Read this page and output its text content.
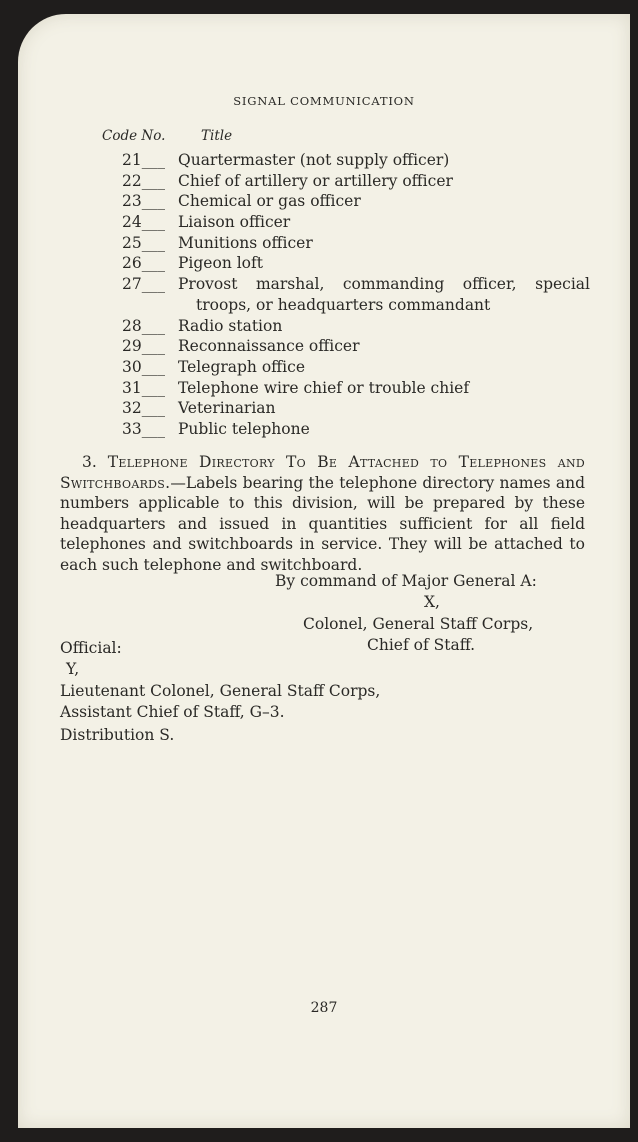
SIGNAL COMMUNICATION
Code No.	Title
21___ Quartermaster (not supply officer)
22___ Chief of artillery or artillery officer
23___ Chemical or gas officer
24___ Liaison officer
25___ Munitions officer
26___ Pigeon loft
27___ Provost marshal, commanding officer, special
troops, or headquarters commandant
28___ Radio station
29___ Reconnaissance officer
30___ Telegraph office
31___ Telephone wire chief or trouble chief
32___ Veterinarian
33___ Public telephone
3. Telephone Directory To Be Attached to Telephones and Switchboards.—Labels bearing the telephone directory names and numbers applicable to this division, will be prepared by these headquarters and issued in quantities sufficient for all field telephones and switchboards in service. They will be attached to each such telephone and switchboard.
By command of Major General A:
X,
Colonel, General Staff Corps,
Chief of Staff.
Official:
Y,
Lieutenant Colonel, General Staff Corps,
Assistant Chief of Staff, G–3.
Distribution S.
287
